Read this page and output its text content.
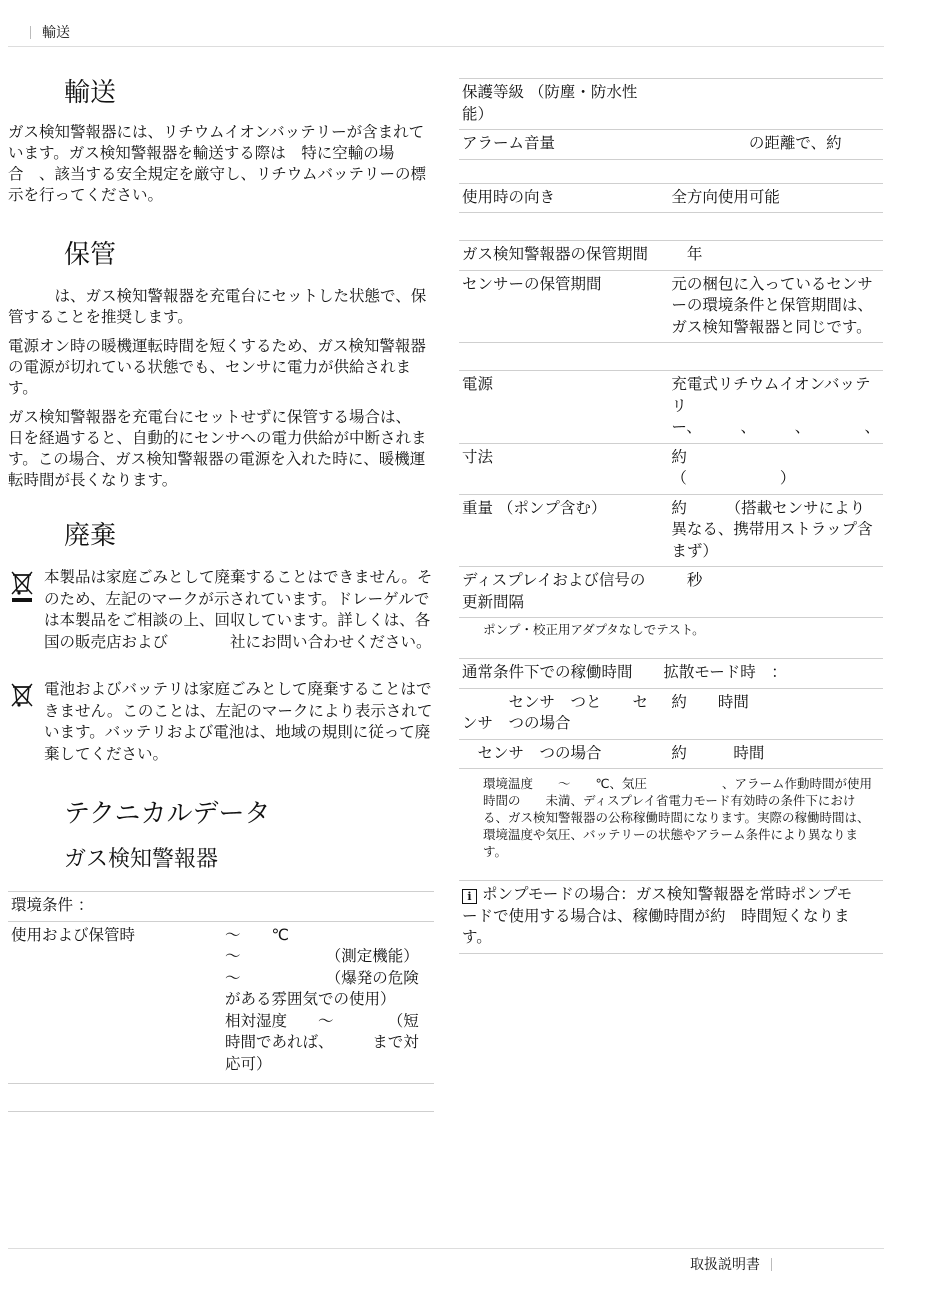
輸送
輸送

ガス検知警報器には、リチウムイオンバッテリーが含まれています。ガス検知警報器を輸送する際は　特に空輸の場合　、該当する安全規定を厳守し、リチウムバッテリーの標示を行ってください。

保管

　　　は、ガス検知警報器を充電台にセットした状態で、保管することを推奨します。

電源オン時の暖機運転時間を短くするため、ガス検知警報器の電源が切れている状態でも、センサに電力が供給されます。

ガス検知警報器を充電台にセットせずに保管する場合は、　日を経過すると、自動的にセンサへの電力供給が中断されます。この場合、ガス検知警報器の電源を入れた時に、暖機運転時間が長くなります。

廃棄
本製品は家庭ごみとして廃棄することはできません。そのため、左記のマークが示されています。ドレーゲルでは本製品をご相談の上、回収しています。詳しくは、各国の販売店および　　　　社にお問い合わせください。
電池およびバッテリは家庭ごみとして廃棄することはできません。このことは、左記のマークにより表示されています。バッテリおよび電池は、地域の規則に従って廃棄してください。
テクニカルデータ
ガス検知警報器
環境条件 ：
使用および保管時	〜　　℃
〜　　　　　　（測定機能）
〜　　　　　　（爆発の危険がある雰囲気での使用）
相対湿度　　〜　　　　（短時間であれば、　　　まで対応可）

保護等級 （防塵・防水性能）	
アラーム音量	　　　　　の距離で、約

使用時の向き	全方向使用可能

ガス検知警報器の保管期間	　年
センサーの保管期間	元の梱包に入っているセンサーの環境条件と保管期間は、ガス検知警報器と同じです。

電源	充電式リチウムイオンバッテリー、　　　、　　　、　　　　、
寸法	約　　　　　　　　　（　　　　　　）
重量 （ポンプ含む）	約　　　（搭載センサにより異なる、携帯用ストラップ含まず）
ディスプレイおよび信号の更新間隔	　秒
ポンプ・校正用アダプタなしでテスト。	
通常条件下での稼働時間	拡散モード時　：
　　　センサ　つと　　セ ンサ　つの場合	約　　時間
　センサ　つの場合	約　　　時間
環境温度　　〜　　℃、気圧　　　　　　、アラーム作動時間が使用時間の　　未満、ディスプレイ省電力モード有効時の条件下における、ガス検知警報器の公称稼働時間になります。実際の稼働時間は、環境温度や気圧、バッテリーの状態やアラーム条件により異なります。	
i ポンプモードの場合：ガス検知警報器を常時ポンプモードで使用する場合は、稼働時間が約　時間短くなります。	
取扱説明書
